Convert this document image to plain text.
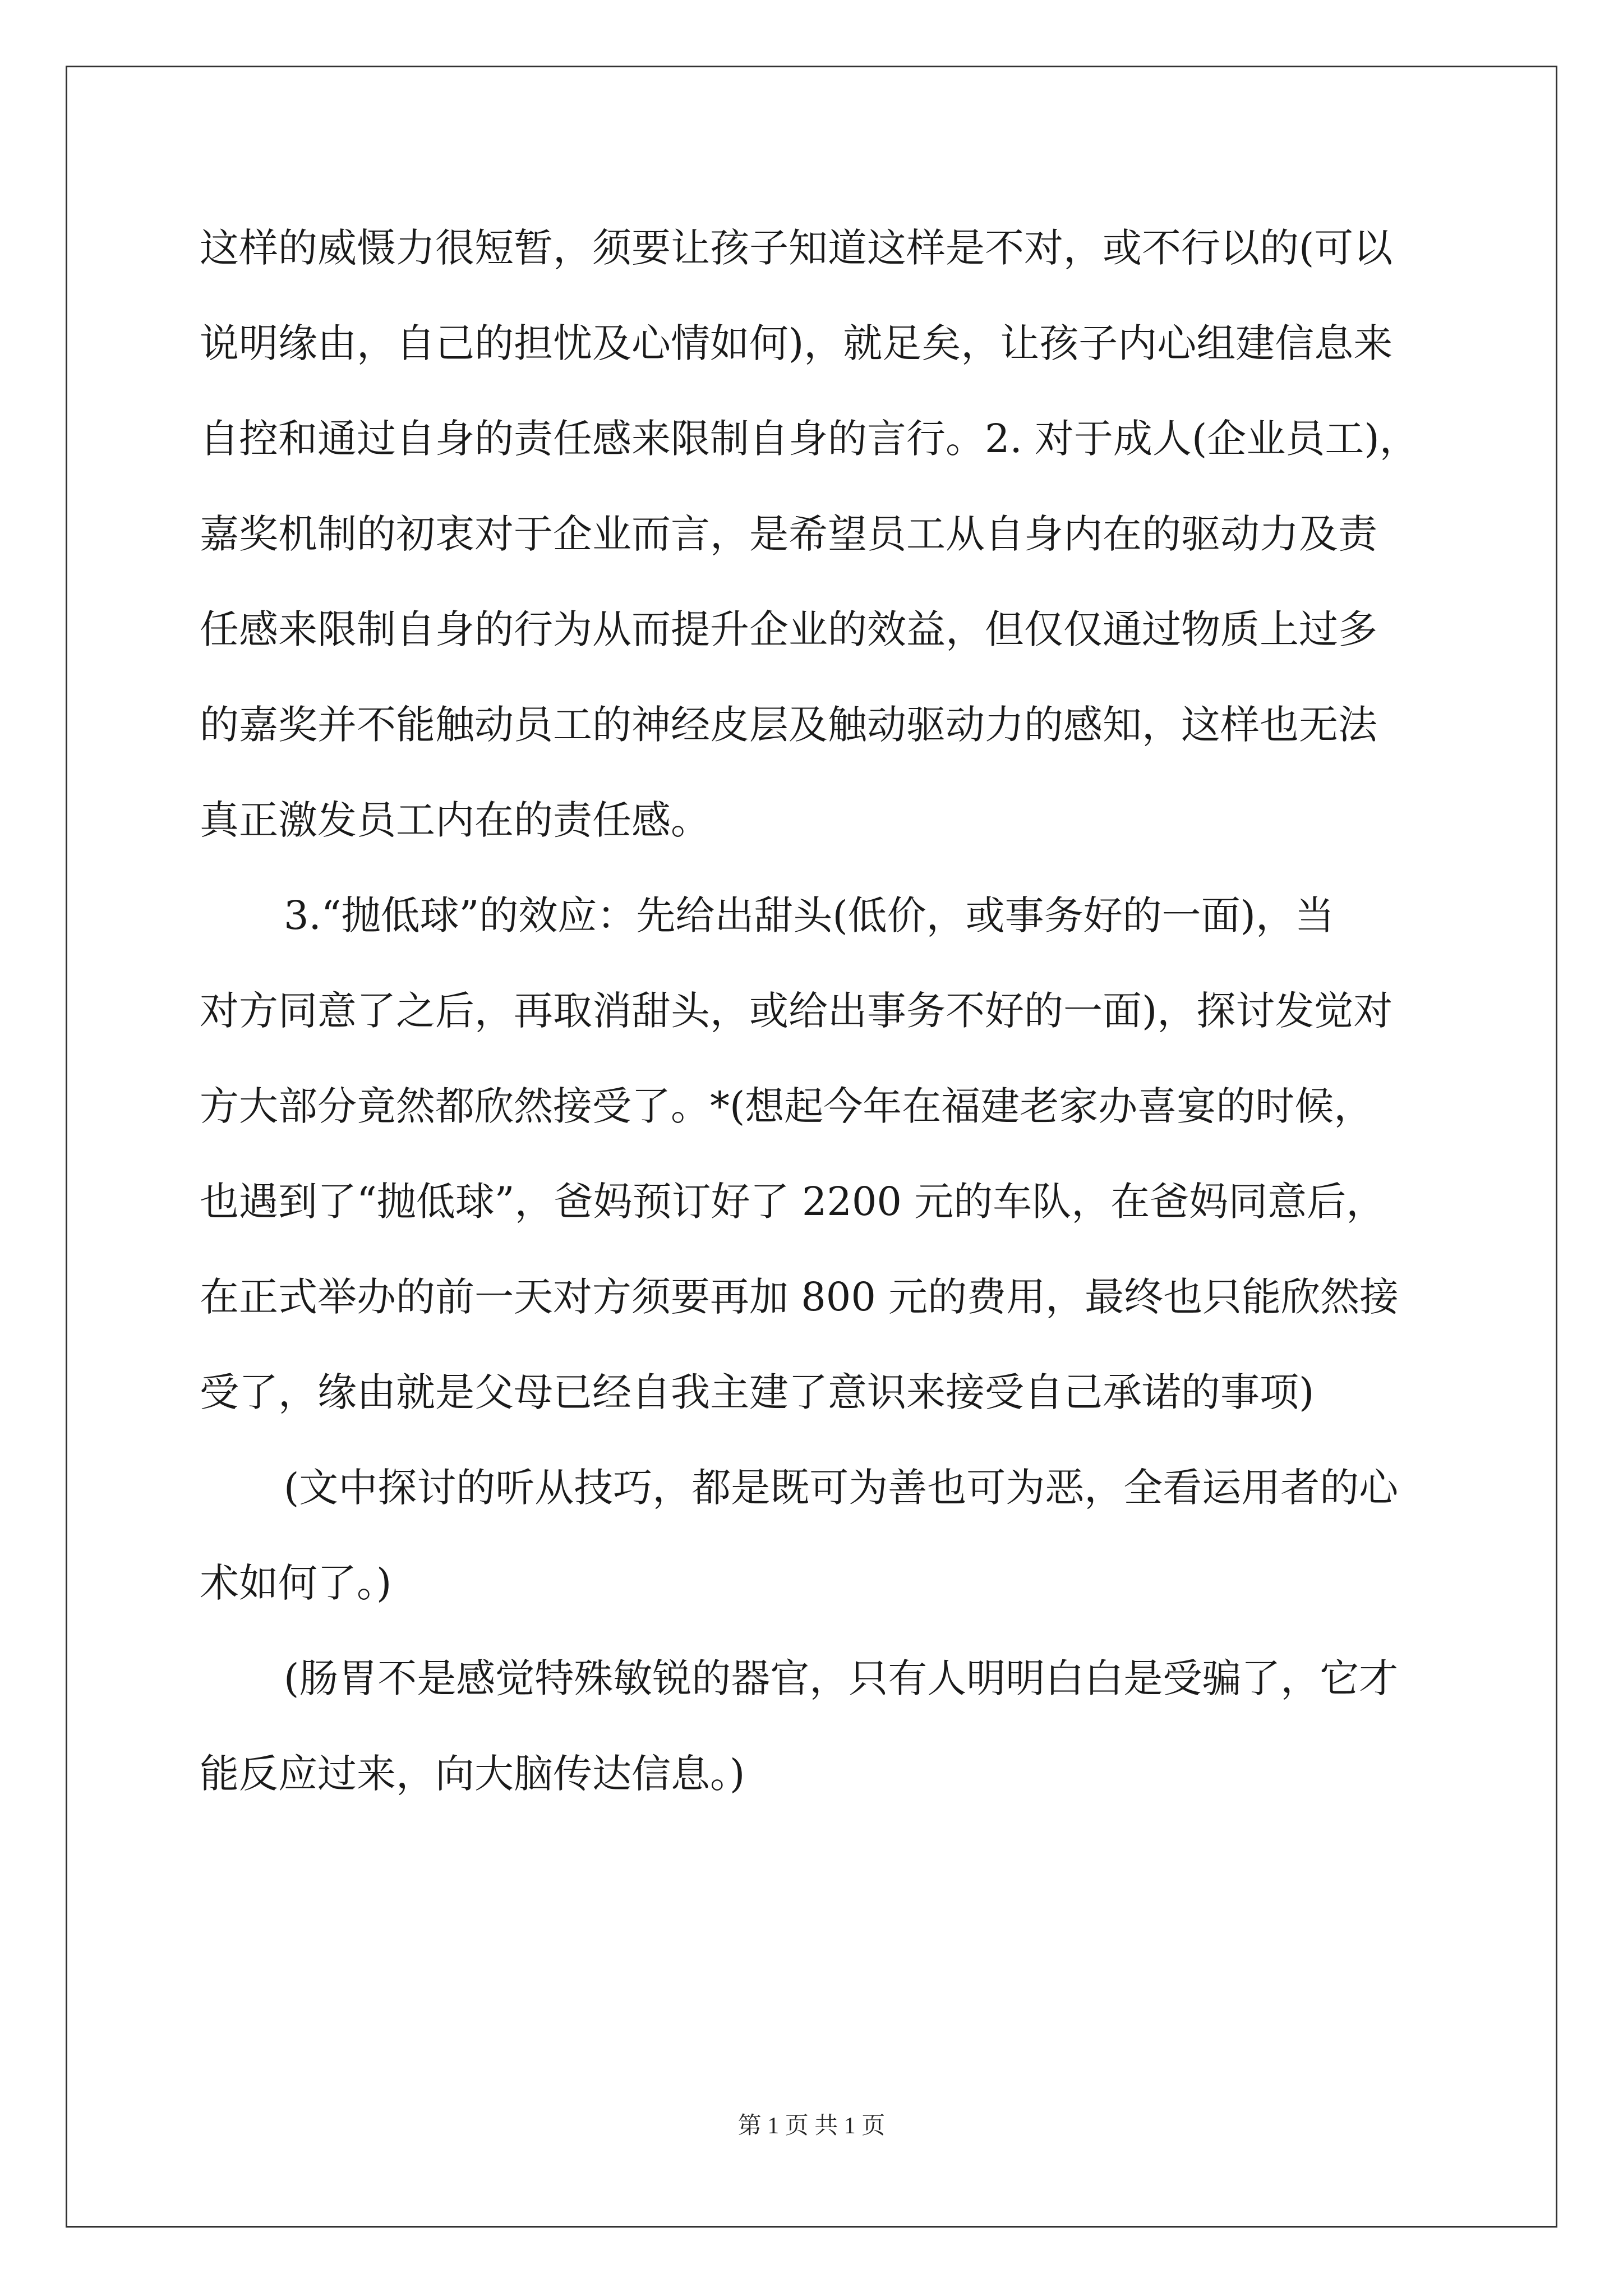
这样的威慑力很短暂，须要让孩子知道这样是不对，或不行以的(可以
说明缘由，自己的担忧及心情如何)，就足矣，让孩子内心组建信息来
自控和通过自身的责任感来限制自身的言行。2. 对于成人(企业员工)，
嘉奖机制的初衷对于企业而言，是希望员工从自身内在的驱动力及责
任感来限制自身的行为从而提升企业的效益，但仅仅通过物质上过多
的嘉奖并不能触动员工的神经皮层及触动驱动力的感知，这样也无法
真正激发员工内在的责任感。
3.“抛低球”的效应：先给出甜头(低价，或事务好的一面)，当
对方同意了之后，再取消甜头，或给出事务不好的一面)，探讨发觉对
方大部分竟然都欣然接受了。*(想起今年在福建老家办喜宴的时候，
也遇到了“抛低球”，爸妈预订好了 2200 元的车队，在爸妈同意后，
在正式举办的前一天对方须要再加 800 元的费用，最终也只能欣然接
受了，缘由就是父母已经自我主建了意识来接受自己承诺的事项)
(文中探讨的听从技巧，都是既可为善也可为恶，全看运用者的心
术如何了。)
(肠胃不是感觉特殊敏锐的器官，只有人明明白白是受骗了，它才
能反应过来，向大脑传达信息。)
第 1 页 共 1 页
